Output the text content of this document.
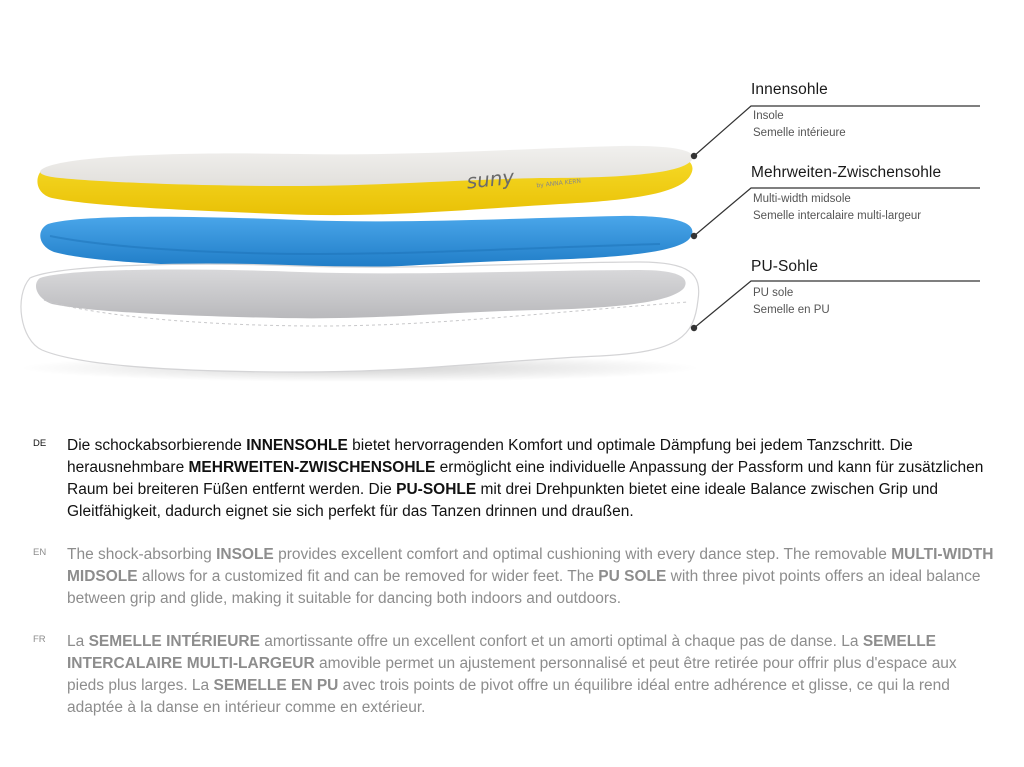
suny	by ANNA KERN
Innensohle
Insole
Semelle intérieure
Mehrweiten-Zwischensohle
Multi-width midsole
Semelle intercalaire multi-largeur
PU-Sohle
PU sole
Semelle en PU
DE
EN
FR
Die schockabsorbierende INNENSOHLE bietet hervorragenden Komfort und optimale Dämpfung bei jedem Tanzschritt. Die herausnehmbare MEHRWEITEN-ZWISCHENSOHLE ermöglicht eine individuelle Anpassung der Passform und kann für zusätzlichen Raum bei breiteren Füßen entfernt werden. Die PU-SOHLE mit drei Drehpunkten bietet eine ideale Balance zwischen Grip und Gleitfähigkeit, dadurch eignet sie sich perfekt für das Tanzen drinnen und draußen.
The shock-absorbing INSOLE provides excellent comfort and optimal cushioning with every dance step. The removable MULTI-WIDTH MIDSOLE allows for a customized fit and can be removed for wider feet. The PU SOLE with three pivot points offers an ideal balance between grip and glide, making it suitable for dancing both indoors and outdoors.
La SEMELLE INTÉRIEURE amortissante offre un excellent confort et un amorti optimal à chaque pas de danse. La SEMELLE INTERCALAIRE MULTI-LARGEUR amovible permet un ajustement personnalisé et peut être retirée pour offrir plus d'espace aux pieds plus larges. La SEMELLE EN PU avec trois points de pivot offre un équilibre idéal entre adhérence et glisse, ce qui la rend adaptée à la danse en intérieur comme en extérieur.
